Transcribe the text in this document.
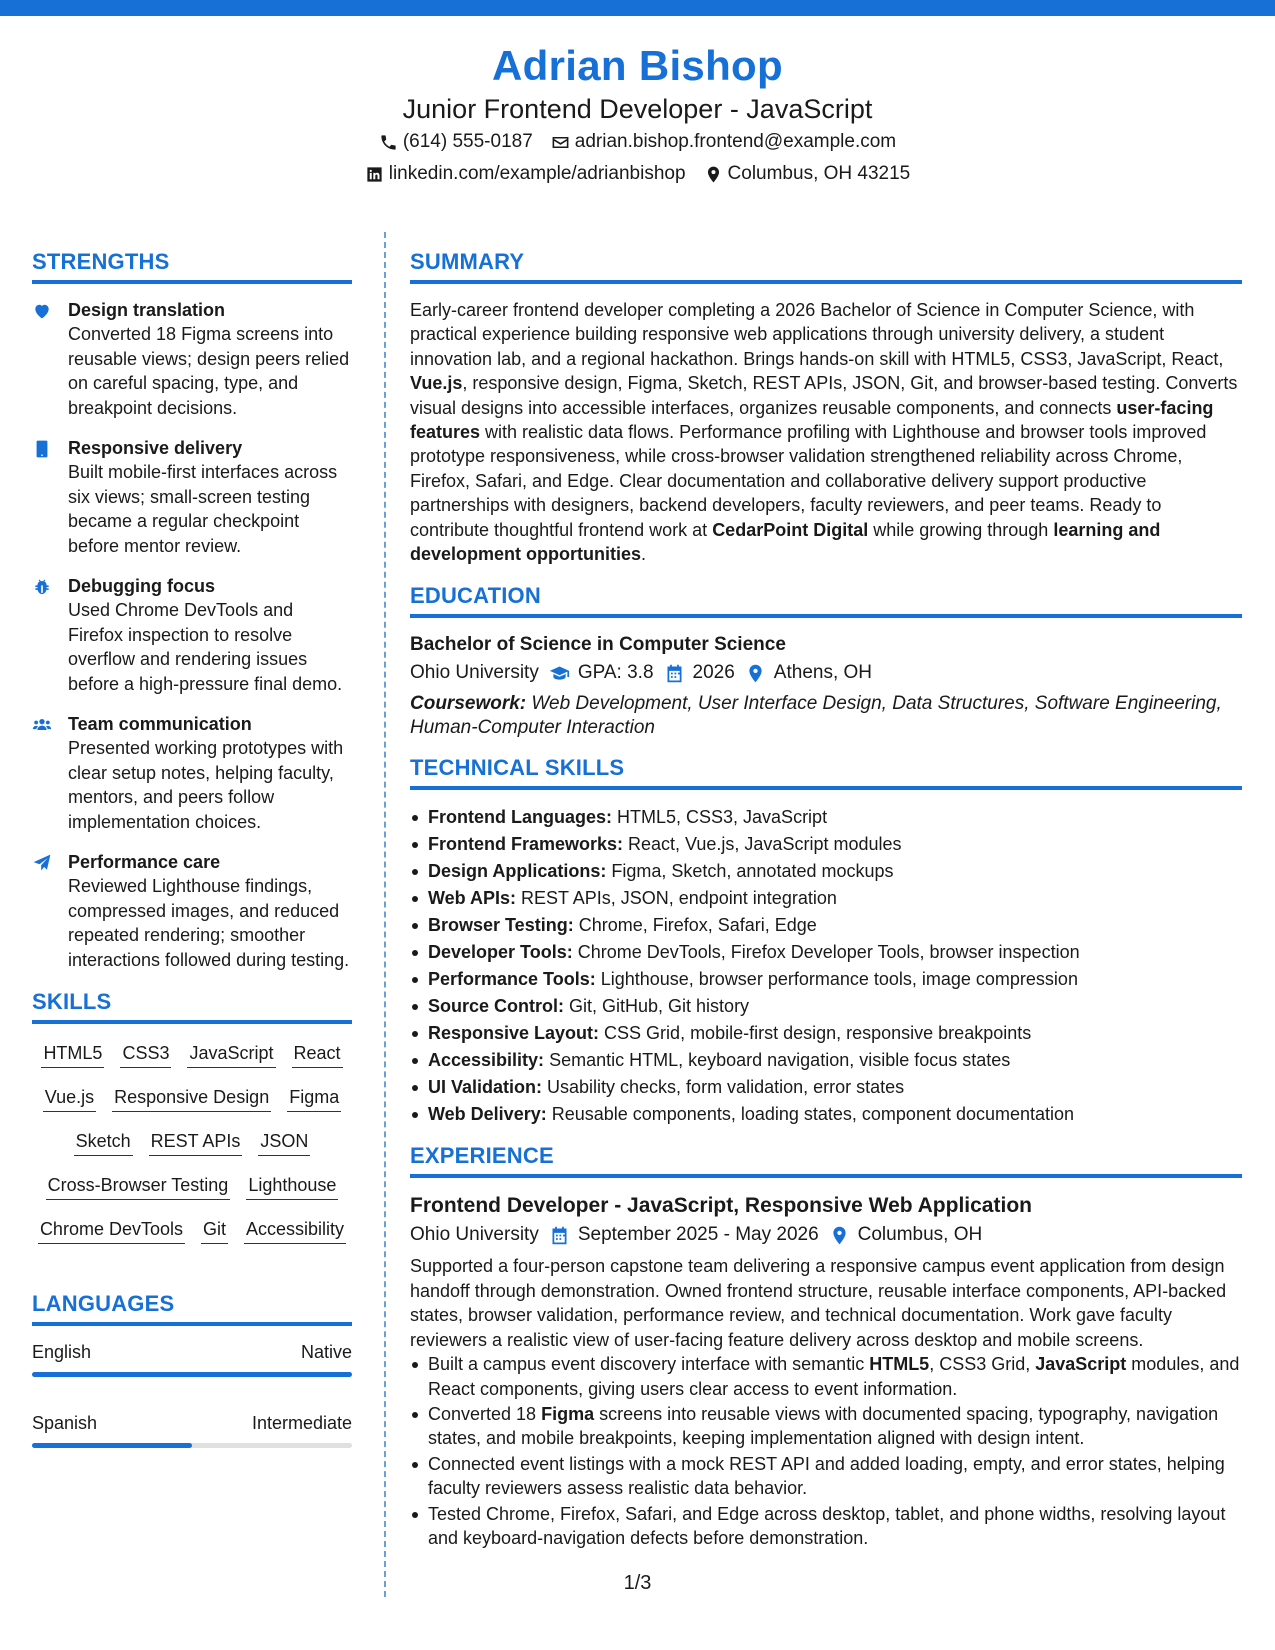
Adrian Bishop
Junior Frontend Developer - JavaScript
(614) 555-0187 adrian.bishop.frontend@example.com
linkedin.com/example/adrianbishop Columbus, OH 43215
STRENGTHS
Design translation
Converted 18 Figma screens into reusable views; design peers relied on careful spacing, type, and breakpoint decisions.
Responsive delivery
Built mobile-first interfaces across six views; small-screen testing became a regular checkpoint before mentor review.
Debugging focus
Used Chrome DevTools and Firefox inspection to resolve overflow and rendering issues before a high-pressure final demo.
Team communication
Presented working prototypes with clear setup notes, helping faculty, mentors, and peers follow implementation choices.
Performance care
Reviewed Lighthouse findings, compressed images, and reduced repeated rendering; smoother interactions followed during testing.
SKILLS
HTML5 CSS3 JavaScript React
Vue.js Responsive Design Figma
Sketch REST APIs JSON
Cross-Browser Testing Lighthouse
Chrome DevTools Git Accessibility
LANGUAGES
English	Native
Spanish	Intermediate
SUMMARY
Early-career frontend developer completing a 2026 Bachelor of Science in Computer Science, with practical experience building responsive web applications through university delivery, a student innovation lab, and a regional hackathon. Brings hands-on skill with HTML5, CSS3, JavaScript, React, Vue.js, responsive design, Figma, Sketch, REST APIs, JSON, Git, and browser-based testing. Converts visual designs into accessible interfaces, organizes reusable components, and connects user-facing features with realistic data flows. Performance profiling with Lighthouse and browser tools improved prototype responsiveness, while cross-browser validation strengthened reliability across Chrome, Firefox, Safari, and Edge. Clear documentation and collaborative delivery support productive partnerships with designers, backend developers, faculty reviewers, and peer teams. Ready to contribute thoughtful frontend work at CedarPoint Digital while growing through learning and development opportunities.
EDUCATION
Bachelor of Science in Computer Science
Ohio University GPA: 3.8 2026 Athens, OH
Coursework: Web Development, User Interface Design, Data Structures, Software Engineering, Human-Computer Interaction
TECHNICAL SKILLS
Frontend Languages: HTML5, CSS3, JavaScript
Frontend Frameworks: React, Vue.js, JavaScript modules
Design Applications: Figma, Sketch, annotated mockups
Web APIs: REST APIs, JSON, endpoint integration
Browser Testing: Chrome, Firefox, Safari, Edge
Developer Tools: Chrome DevTools, Firefox Developer Tools, browser inspection
Performance Tools: Lighthouse, browser performance tools, image compression
Source Control: Git, GitHub, Git history
Responsive Layout: CSS Grid, mobile-first design, responsive breakpoints
Accessibility: Semantic HTML, keyboard navigation, visible focus states
UI Validation: Usability checks, form validation, error states
Web Delivery: Reusable components, loading states, component documentation
EXPERIENCE
Frontend Developer - JavaScript, Responsive Web Application
Ohio University September 2025 - May 2026 Columbus, OH
Supported a four-person capstone team delivering a responsive campus event application from design handoff through demonstration. Owned frontend structure, reusable interface components, API-backed states, browser validation, performance review, and technical documentation. Work gave faculty reviewers a realistic view of user-facing feature delivery across desktop and mobile screens.
Built a campus event discovery interface with semantic HTML5, CSS3 Grid, JavaScript modules, and React components, giving users clear access to event information.
Converted 18 Figma screens into reusable views with documented spacing, typography, navigation states, and mobile breakpoints, keeping implementation aligned with design intent.
Connected event listings with a mock REST API and added loading, empty, and error states, helping faculty reviewers assess realistic data behavior.
Tested Chrome, Firefox, Safari, and Edge across desktop, tablet, and phone widths, resolving layout and keyboard-navigation defects before demonstration.
1/3
